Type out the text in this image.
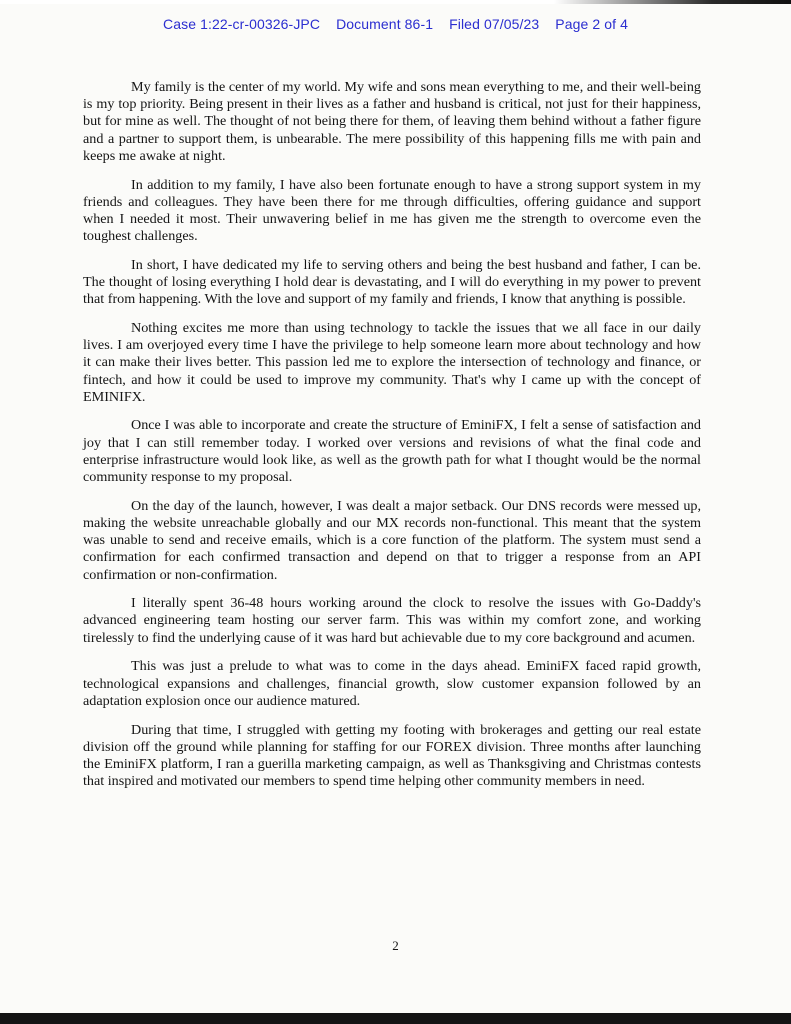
Case 1:22-cr-00326-JPC Document 86-1 Filed 07/05/23 Page 2 of 4

My family is the center of my world. My wife and sons mean everything to me, and their well-being is my top priority. Being present in their lives as a father and husband is critical, not just for their happiness, but for mine as well. The thought of not being there for them, of leaving them behind without a father figure and a partner to support them, is unbearable. The mere possibility of this happening fills me with pain and keeps me awake at night.

In addition to my family, I have also been fortunate enough to have a strong support system in my friends and colleagues. They have been there for me through difficulties, offering guidance and support when I needed it most. Their unwavering belief in me has given me the strength to overcome even the toughest challenges.

In short, I have dedicated my life to serving others and being the best husband and father, I can be. The thought of losing everything I hold dear is devastating, and I will do everything in my power to prevent that from happening. With the love and support of my family and friends, I know that anything is possible.

Nothing excites me more than using technology to tackle the issues that we all face in our daily lives. I am overjoyed every time I have the privilege to help someone learn more about technology and how it can make their lives better. This passion led me to explore the intersection of technology and finance, or fintech, and how it could be used to improve my community. That's why I came up with the concept of EMINIFX.

Once I was able to incorporate and create the structure of EminiFX, I felt a sense of satisfaction and joy that I can still remember today. I worked over versions and revisions of what the final code and enterprise infrastructure would look like, as well as the growth path for what I thought would be the normal community response to my proposal.

On the day of the launch, however, I was dealt a major setback. Our DNS records were messed up, making the website unreachable globally and our MX records non-functional. This meant that the system was unable to send and receive emails, which is a core function of the platform. The system must send a confirmation for each confirmed transaction and depend on that to trigger a response from an API confirmation or non-confirmation.

I literally spent 36-48 hours working around the clock to resolve the issues with Go-Daddy's advanced engineering team hosting our server farm. This was within my comfort zone, and working tirelessly to find the underlying cause of it was hard but achievable due to my core background and acumen.

This was just a prelude to what was to come in the days ahead. EminiFX faced rapid growth, technological expansions and challenges, financial growth, slow customer expansion followed by an adaptation explosion once our audience matured.

During that time, I struggled with getting my footing with brokerages and getting our real estate division off the ground while planning for staffing for our FOREX division. Three months after launching the EminiFX platform, I ran a guerilla marketing campaign, as well as Thanksgiving and Christmas contests that inspired and motivated our members to spend time helping other community members in need.

2
